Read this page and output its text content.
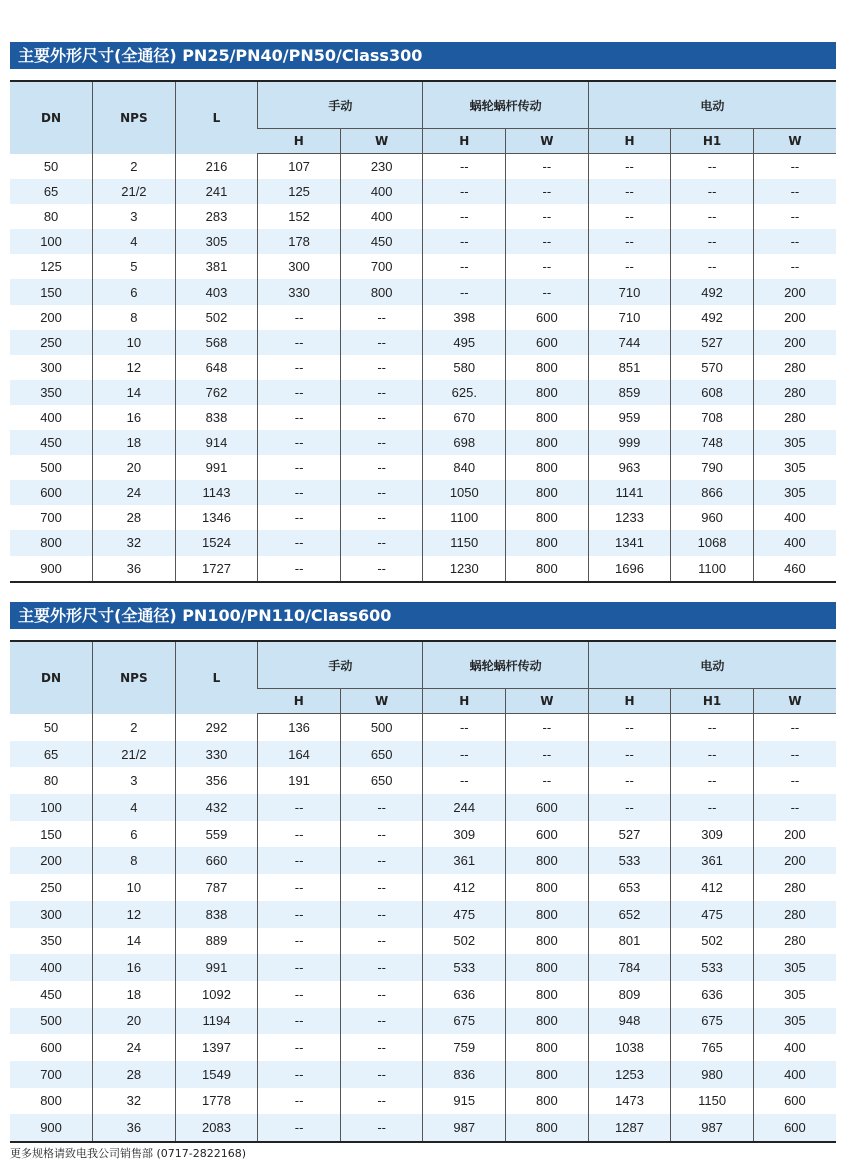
主要外形尺寸(全通径) PN25/PN40/PN50/Class300
DN	NPS	L	手动		蜗轮蜗杆传动		电动		
			H	W	H	W	H	H1	W
50	2	216	107	230	--	--	--	--	--
65	21/2	241	125	400	--	--	--	--	--
80	3	283	152	400	--	--	--	--	--
100	4	305	178	450	--	--	--	--	--
125	5	381	300	700	--	--	--	--	--
150	6	403	330	800	--	--	710	492	200
200	8	502	--	--	398	600	710	492	200
250	10	568	--	--	495	600	744	527	200
300	12	648	--	--	580	800	851	570	280
350	14	762	--	--	625.	800	859	608	280
400	16	838	--	--	670	800	959	708	280
450	18	914	--	--	698	800	999	748	305
500	20	991	--	--	840	800	963	790	305
600	24	1143	--	--	1050	800	1141	866	305
700	28	1346	--	--	1100	800	1233	960	400
800	32	1524	--	--	1150	800	1341	1068	400
900	36	1727	--	--	1230	800	1696	1100	460
主要外形尺寸(全通径) PN100/PN110/Class600
DN	NPS	L	手动		蜗轮蜗杆传动		电动		
			H	W	H	W	H	H1	W
50	2	292	136	500	--	--	--	--	--
65	21/2	330	164	650	--	--	--	--	--
80	3	356	191	650	--	--	--	--	--
100	4	432	--	--	244	600	--	--	--
150	6	559	--	--	309	600	527	309	200
200	8	660	--	--	361	800	533	361	200
250	10	787	--	--	412	800	653	412	280
300	12	838	--	--	475	800	652	475	280
350	14	889	--	--	502	800	801	502	280
400	16	991	--	--	533	800	784	533	305
450	18	1092	--	--	636	800	809	636	305
500	20	1194	--	--	675	800	948	675	305
600	24	1397	--	--	759	800	1038	765	400
700	28	1549	--	--	836	800	1253	980	400
800	32	1778	--	--	915	800	1473	1150	600
900	36	2083	--	--	987	800	1287	987	600
更多规格请致电我公司销售部 (0717-2822168)
